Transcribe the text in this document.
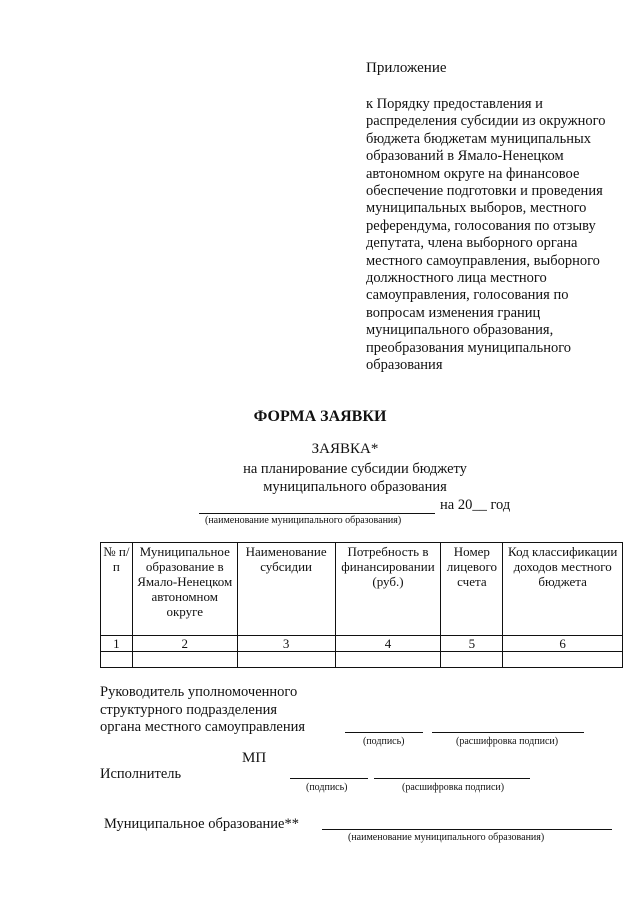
Приложение
к Порядку предоставления и
распределения субсидии из окружного
бюджета бюджетам муниципальных
образований в Ямало-Ненецком
автономном округе на финансовое
обеспечение подготовки и проведения
муниципальных выборов, местного
референдума, голосования по отзыву
депутата, члена выборного органа
местного самоуправления, выборного
должностного лица местного
самоуправления, голосования по
вопросам изменения границ
муниципального образования,
преобразования муниципального
образования
ФОРМА ЗАЯВКИ
ЗАЯВКА*
на планирование субсидии бюджету
муниципального образования
на 20__ год
(наименование муниципального образования)
№ п/п	Муниципальное образование в Ямало-Ненецком автономном округе	Наименование субсидии	Потребность в финансировании (руб.)	Номер лицевого счета	Код классификации доходов местного бюджета
1	2	3	4	5	6

Руководитель уполномоченного
структурного подразделения
органа местного самоуправления
(подпись)	(расшифровка подписи)
МП
Исполнитель
(подпись)	(расшифровка подписи)
Муниципальное образование**
(наименование муниципального образования)
